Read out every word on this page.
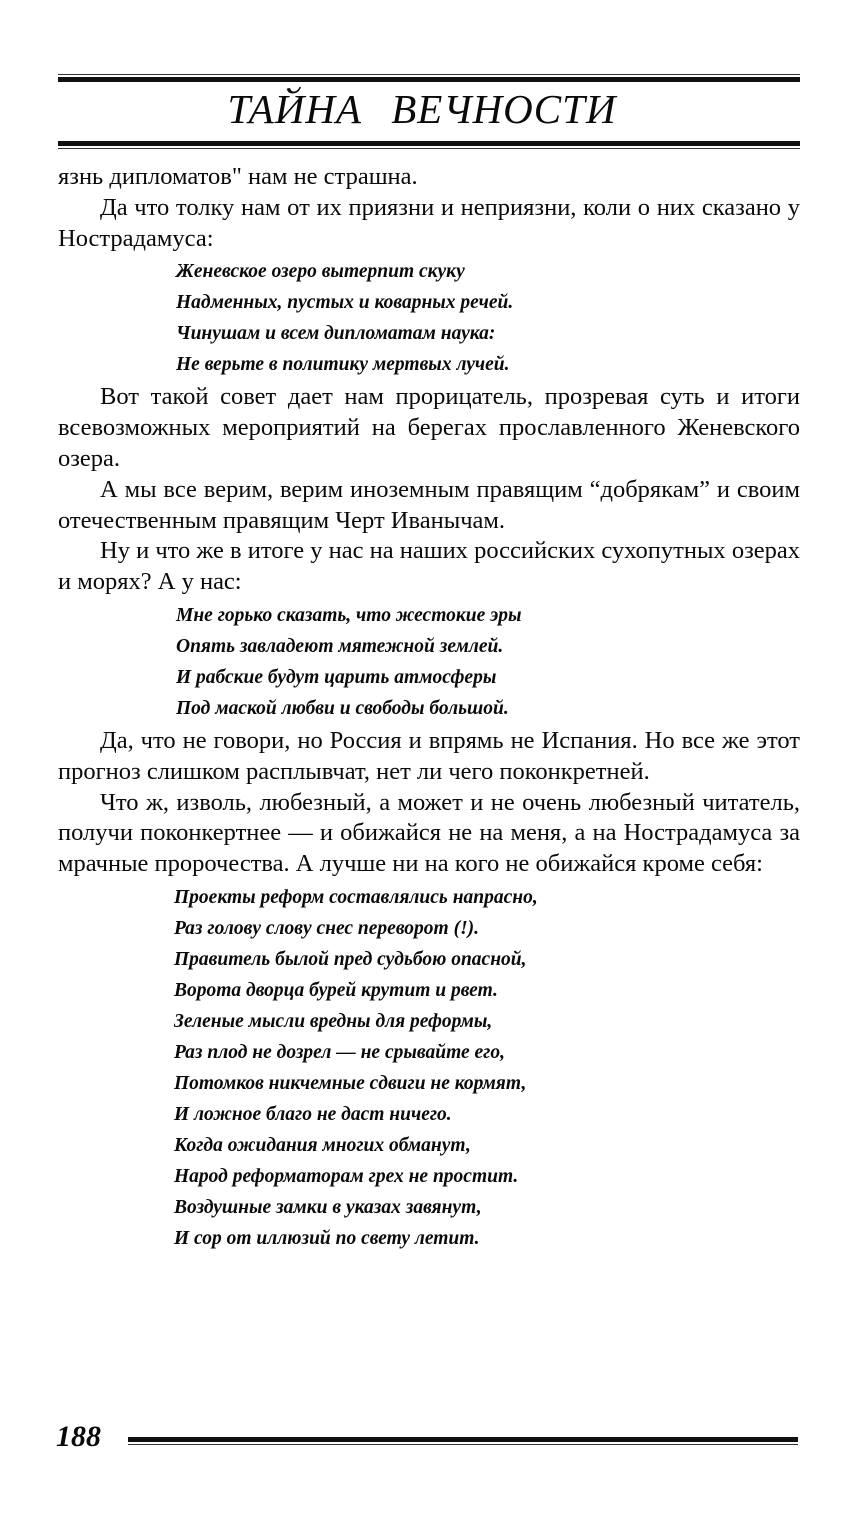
ТАЙНА ВЕЧНОСТИ

язнь дипломатов" нам не страшна.

Да что толку нам от их приязни и неприязни, коли о них сказано у Нострадамуса:

Женевское озеро вытерпит скуку
Надменных, пустых и коварных речей.
Чинушам и всем дипломатам наука:
Не верьте в политику мертвых лучей.

Вот такой совет дает нам прорицатель, прозревая суть и итоги всевозможных мероприятий на берегах прославленного Женевского озера.

А мы все верим, верим иноземным правящим “добрякам” и своим отечественным правящим Черт Иванычам.

Ну и что же в итоге у нас на наших российских сухопутных озерах и морях? А у нас:

Мне горько сказать, что жестокие эры
Опять завладеют мятежной землей.
И рабские будут царить атмосферы
Под маской любви и свободы большой.

Да, что не говори, но Россия и впрямь не Испания. Но все же этот прогноз слишком расплывчат, нет ли чего поконкретней.

Что ж, изволь, любезный, а может и не очень любезный читатель, получи поконкертнее — и обижайся не на меня, а на Нострадамуса за мрачные пророчества. А лучше ни на кого не обижайся кроме себя:

Проекты реформ составлялись напрасно,
Раз голову слову снес переворот (!).
Правитель былой пред судьбою опасной,
Ворота дворца бурей крутит и рвет.
Зеленые мысли вредны для реформы,
Раз плод не дозрел — не срывайте его,
Потомков никчемные сдвиги не кормят,
И ложное благо не даст ничего.
Когда ожидания многих обманут,
Народ реформаторам грех не простит.
Воздушные замки в указах завянут,
И сор от иллюзий по свету летит.
188
